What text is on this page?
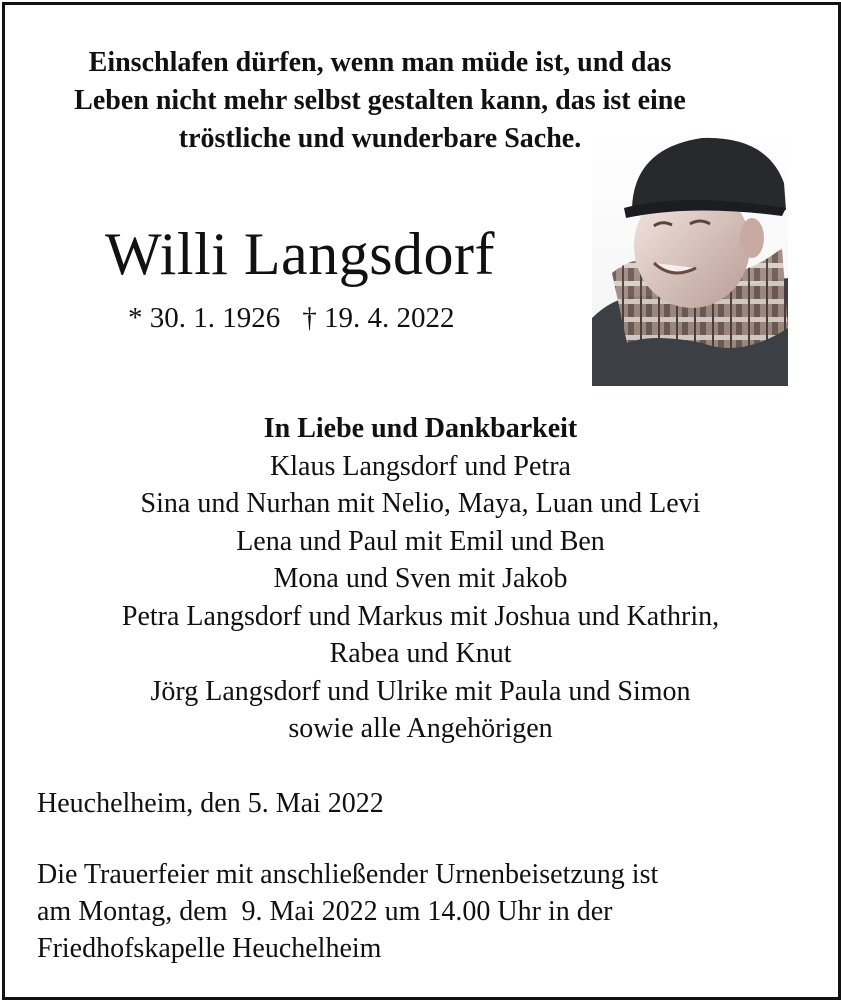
Einschlafen dürfen, wenn man müde ist, und das
Leben nicht mehr selbst gestalten kann, das ist eine
tröstliche und wunderbare Sache.
Willi Langsdorf
* 30. 1. 1926 † 19. 4. 2022
In Liebe und Dankbarkeit
Klaus Langsdorf und Petra
Sina und Nurhan mit Nelio, Maya, Luan und Levi
Lena und Paul mit Emil und Ben
Mona und Sven mit Jakob
Petra Langsdorf und Markus mit Joshua und Kathrin,
Rabea und Knut
Jörg Langsdorf und Ulrike mit Paula und Simon
sowie alle Angehörigen
Heuchelheim, den 5. Mai 2022
Die Trauerfeier mit anschließender Urnenbeisetzung ist
am Montag, dem  9. Mai 2022 um 14.00 Uhr in der
Friedhofskapelle Heuchelheim
